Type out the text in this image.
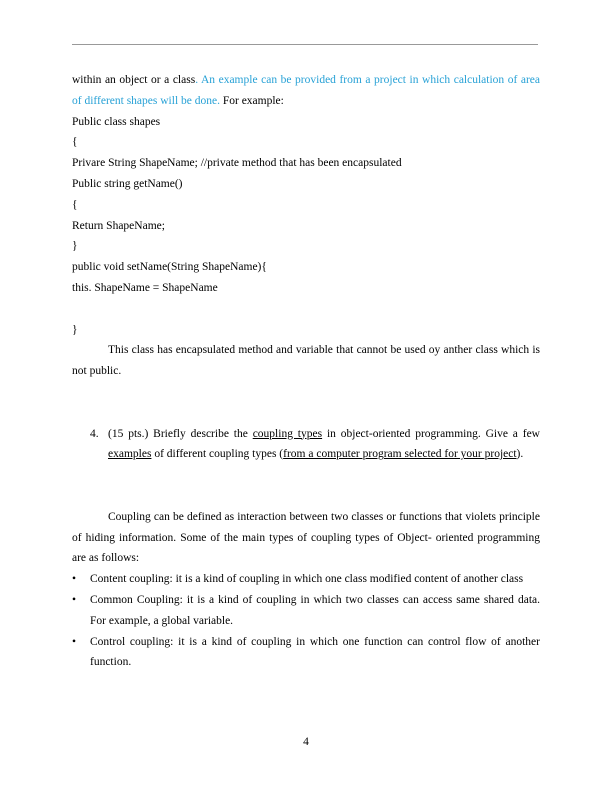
within an object or a class. An example can be provided from a project in which calculation of area of different shapes will be done. For example:
Public class shapes
{
Privare String ShapeName; //private method that has been encapsulated
Public string getName()
{
Return ShapeName;
}
public void setName(String ShapeName){
this. ShapeName = ShapeName
}
This class has encapsulated method and variable that cannot be used oy anther class which is not public.
4. (15 pts.) Briefly describe the coupling types in object-oriented programming. Give a few examples of different coupling types (from a computer program selected for your project).
Coupling can be defined as interaction between two classes or functions that violets principle of hiding information. Some of the main types of coupling types of Object- oriented programming are as follows:
• Content coupling: it is a kind of coupling in which one class modified content of another class
• Common Coupling: it is a kind of coupling in which two classes can access same shared data. For example, a global variable.
• Control coupling: it is a kind of coupling in which one function can control flow of another function.
4
